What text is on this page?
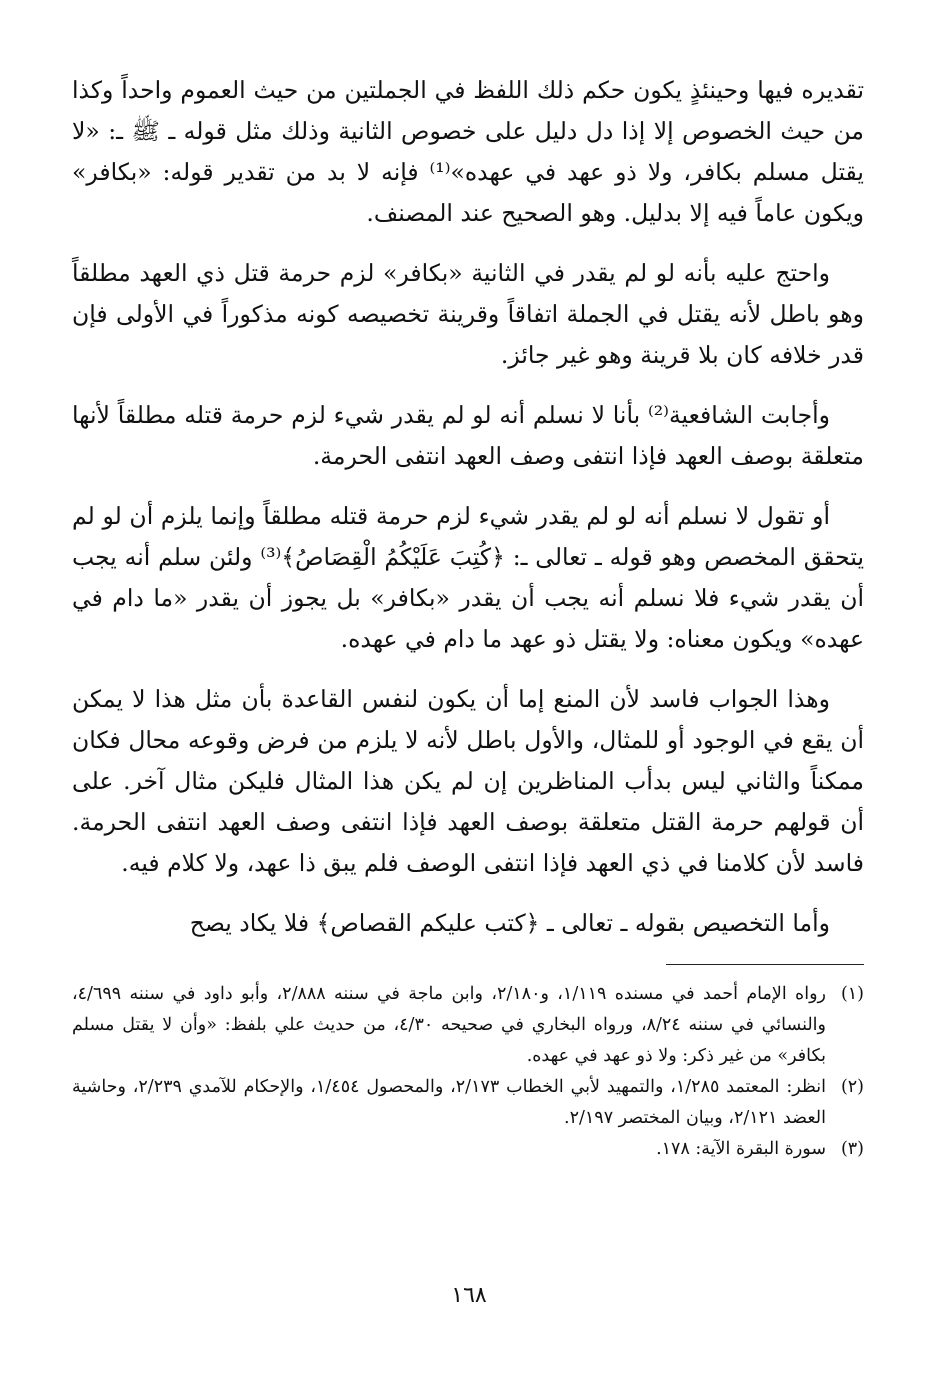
تقديره فيها وحينئذٍ يكون حكم ذلك اللفظ في الجملتين من حيث العموم واحداً وكذا من حيث الخصوص إلا إذا دل دليل على خصوص الثانية وذلك مثل قوله ـ ﷺ ـ: «لا يقتل مسلم بكافر، ولا ذو عهد في عهده»⁽¹⁾ فإنه لا بد من تقدير قوله: «بكافر» ويكون عاماً فيه إلا بدليل. وهو الصحيح عند المصنف.

واحتج عليه بأنه لو لم يقدر في الثانية «بكافر» لزم حرمة قتل ذي العهد مطلقاً وهو باطل لأنه يقتل في الجملة اتفاقاً وقرينة تخصيصه كونه مذكوراً في الأولى فإن قدر خلافه كان بلا قرينة وهو غير جائز.

وأجابت الشافعية⁽²⁾ بأنا لا نسلم أنه لو لم يقدر شيء لزم حرمة قتله مطلقاً لأنها متعلقة بوصف العهد فإذا انتفى وصف العهد انتفى الحرمة.

أو تقول لا نسلم أنه لو لم يقدر شيء لزم حرمة قتله مطلقاً وإنما يلزم أن لو لم يتحقق المخصص وهو قوله ـ تعالى ـ: ﴿كُتِبَ عَلَيْكُمُ الْقِصَاصُ﴾⁽³⁾ ولئن سلم أنه يجب أن يقدر شيء فلا نسلم أنه يجب أن يقدر «بكافر» بل يجوز أن يقدر «ما دام في عهده» ويكون معناه: ولا يقتل ذو عهد ما دام في عهده.

وهذا الجواب فاسد لأن المنع إما أن يكون لنفس القاعدة بأن مثل هذا لا يمكن أن يقع في الوجود أو للمثال، والأول باطل لأنه لا يلزم من فرض وقوعه محال فكان ممكناً والثاني ليس بدأب المناظرين إن لم يكن هذا المثال فليكن مثال آخر. على أن قولهم حرمة القتل متعلقة بوصف العهد فإذا انتفى وصف العهد انتفى الحرمة. فاسد لأن كلامنا في ذي العهد فإذا انتفى الوصف فلم يبق ذا عهد، ولا كلام فيه.

وأما التخصيص بقوله ـ تعالى ـ ﴿كتب عليكم القصاص﴾ فلا يكاد يصح

(١)
رواه الإمام أحمد في مسنده ١/١١٩، و٢/١٨٠، وابن ماجة في سننه ٢/٨٨٨، وأبو داود في سننه ٤/٦٩٩، والنسائي في سننه ٨/٢٤، ورواه البخاري في صحيحه ٤/٣٠، من حديث علي بلفظ: «وأن لا يقتل مسلم بكافر» من غير ذكر: ولا ذو عهد في عهده.
(٢)
انظر: المعتمد ١/٢٨٥، والتمهيد لأبي الخطاب ٢/١٧٣، والمحصول ١/٤٥٤، والإحكام للآمدي ٢/٢٣٩، وحاشية العضد ٢/١٢١، وبيان المختصر ٢/١٩٧.
(٣)
سورة البقرة الآية: ١٧٨.
١٦٨
